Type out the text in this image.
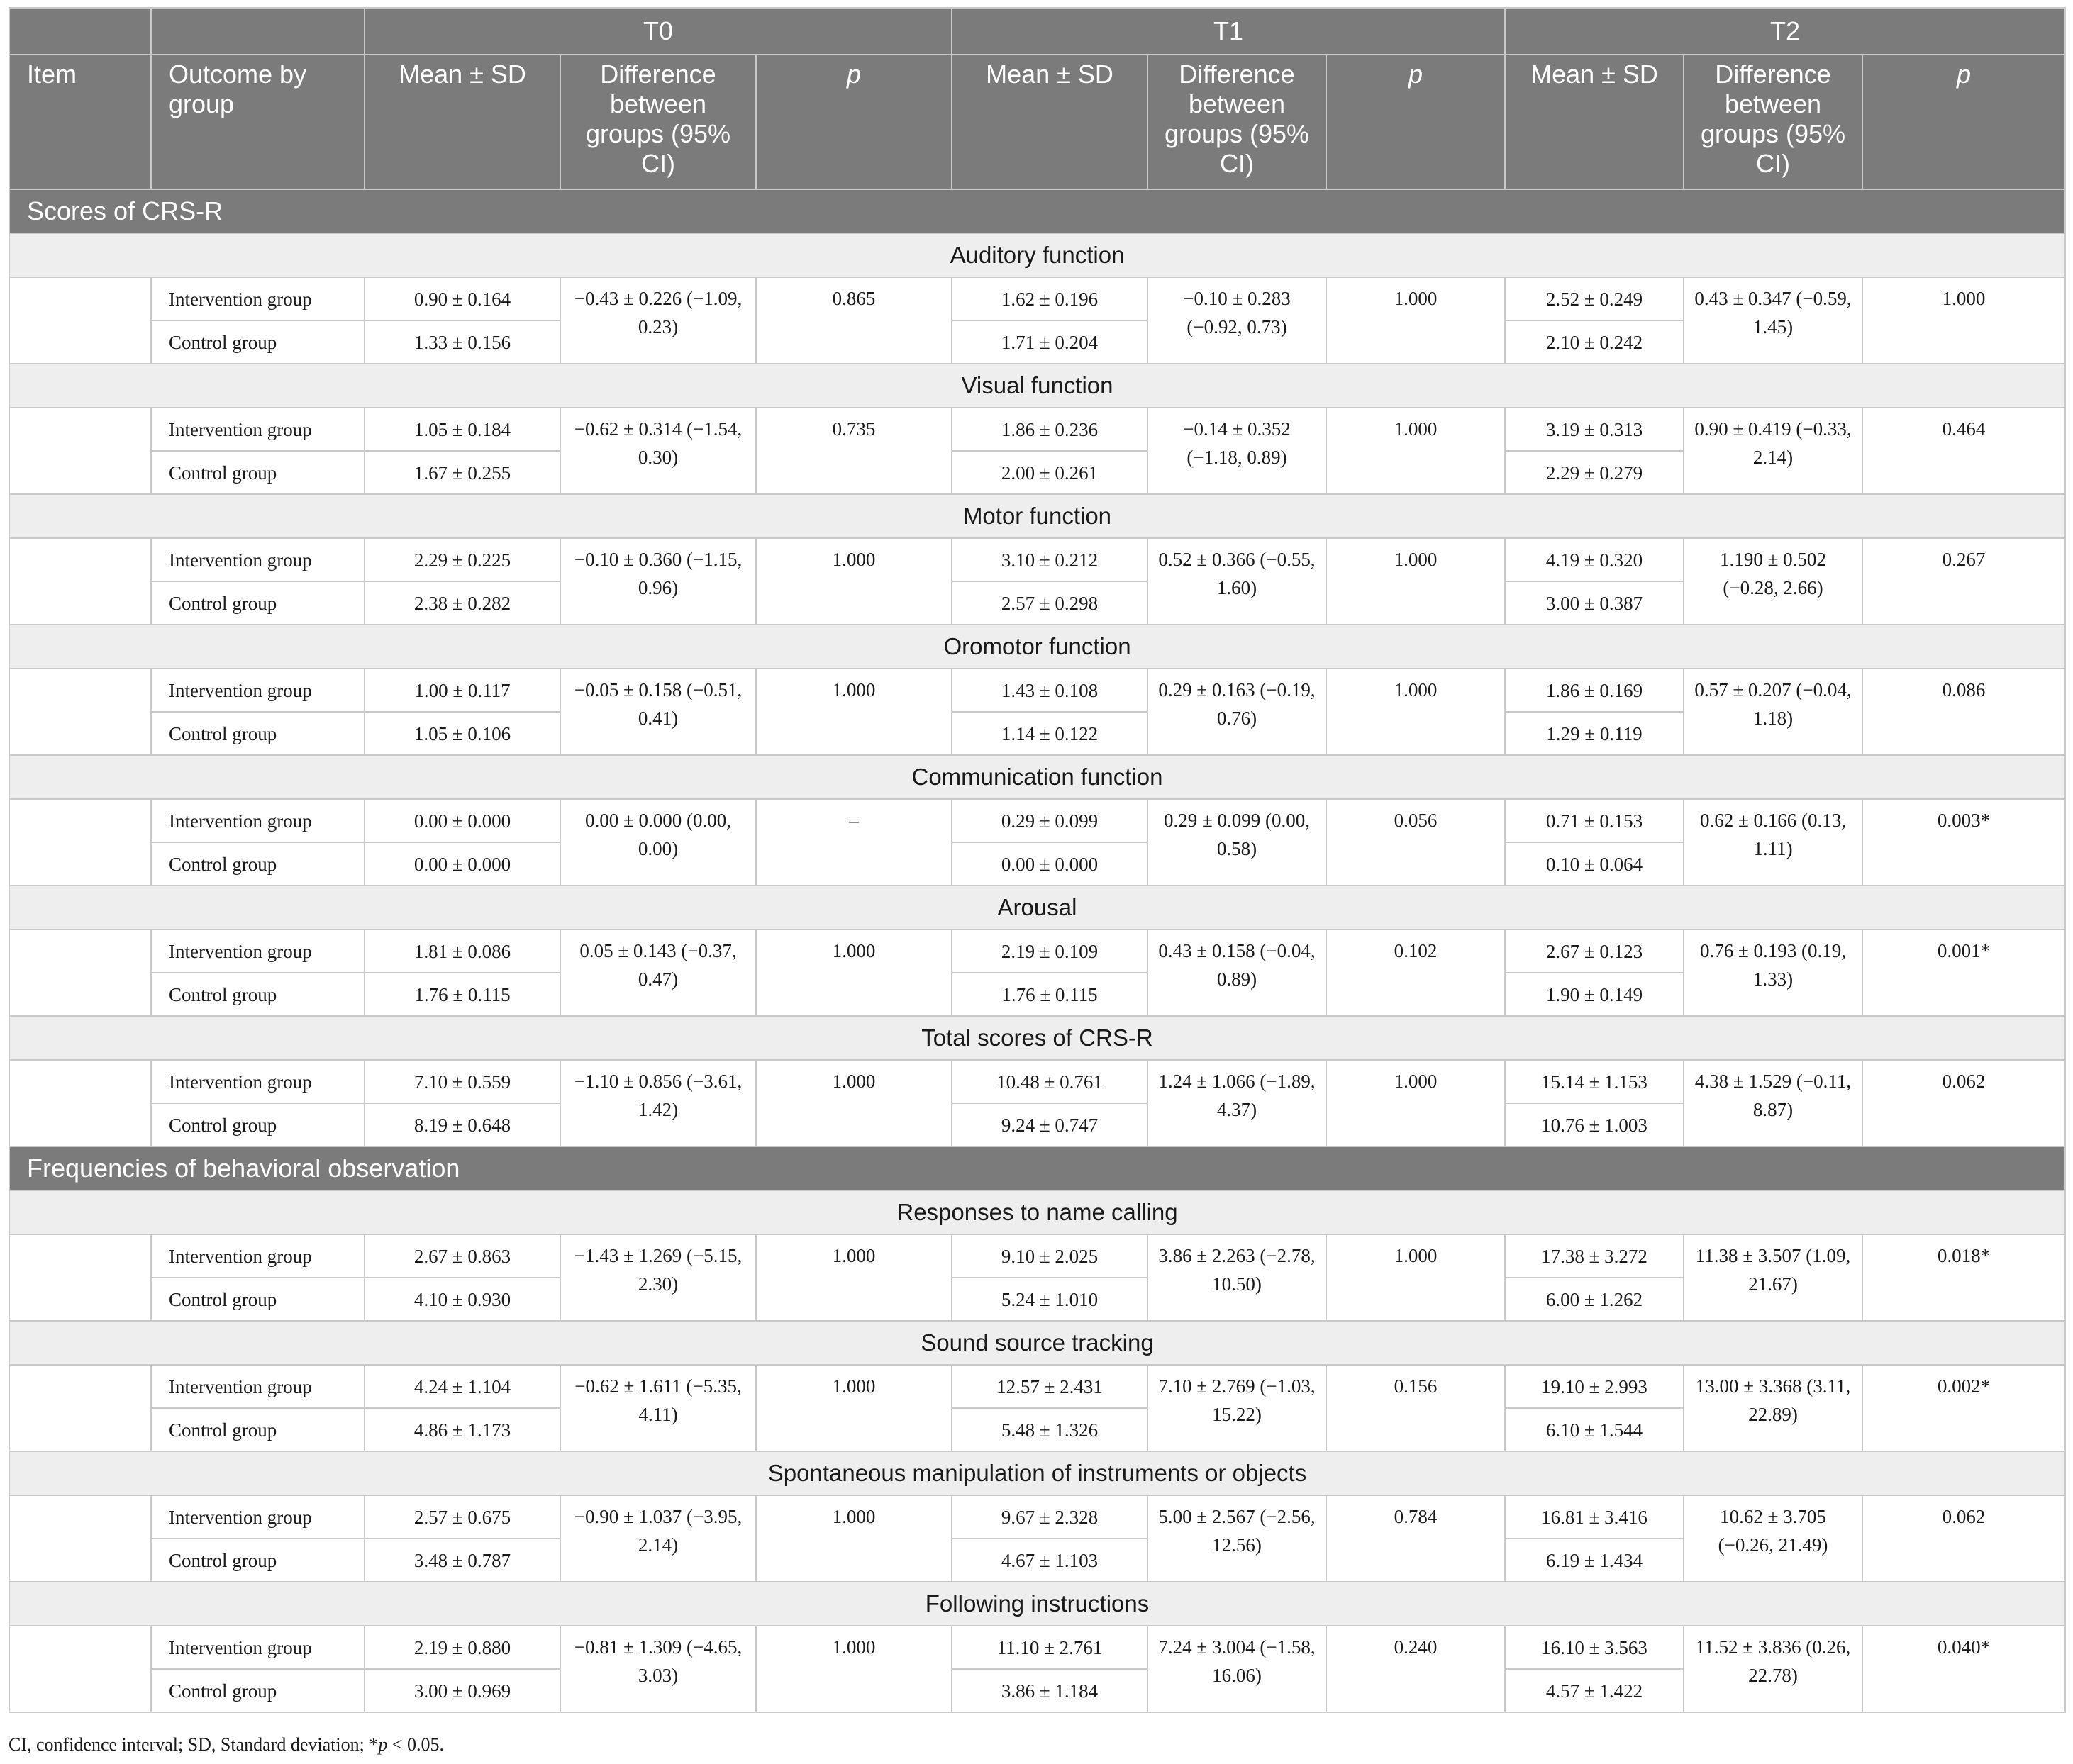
		T0			T1			T2		
Item	Outcome by group	Mean ± SD	Difference between groups (95% CI)	p	Mean ± SD	Difference between groups (95% CI)	p	Mean ± SD	Difference between groups (95% CI)	p
Scores of CRS-R										
Auditory function										
	Intervention group	0.90 ± 0.164	−0.43 ± 0.226 (−1.09, 0.23)	0.865	1.62 ± 0.196	−0.10 ± 0.283 (−0.92, 0.73)	1.000	2.52 ± 0.249	0.43 ± 0.347 (−0.59, 1.45)	1.000
	Control group	1.33 ± 0.156			1.71 ± 0.204			2.10 ± 0.242		
Visual function										
	Intervention group	1.05 ± 0.184	−0.62 ± 0.314 (−1.54, 0.30)	0.735	1.86 ± 0.236	−0.14 ± 0.352 (−1.18, 0.89)	1.000	3.19 ± 0.313	0.90 ± 0.419 (−0.33, 2.14)	0.464
	Control group	1.67 ± 0.255			2.00 ± 0.261			2.29 ± 0.279		
Motor function										
	Intervention group	2.29 ± 0.225	−0.10 ± 0.360 (−1.15, 0.96)	1.000	3.10 ± 0.212	0.52 ± 0.366 (−0.55, 1.60)	1.000	4.19 ± 0.320	1.190 ± 0.502 (−0.28, 2.66)	0.267
	Control group	2.38 ± 0.282			2.57 ± 0.298			3.00 ± 0.387		
Oromotor function										
	Intervention group	1.00 ± 0.117	−0.05 ± 0.158 (−0.51, 0.41)	1.000	1.43 ± 0.108	0.29 ± 0.163 (−0.19, 0.76)	1.000	1.86 ± 0.169	0.57 ± 0.207 (−0.04, 1.18)	0.086
	Control group	1.05 ± 0.106			1.14 ± 0.122			1.29 ± 0.119		
Communication function										
	Intervention group	0.00 ± 0.000	0.00 ± 0.000 (0.00, 0.00)	–	0.29 ± 0.099	0.29 ± 0.099 (0.00, 0.58)	0.056	0.71 ± 0.153	0.62 ± 0.166 (0.13, 1.11)	0.003*
	Control group	0.00 ± 0.000			0.00 ± 0.000			0.10 ± 0.064		
Arousal										
	Intervention group	1.81 ± 0.086	0.05 ± 0.143 (−0.37, 0.47)	1.000	2.19 ± 0.109	0.43 ± 0.158 (−0.04, 0.89)	0.102	2.67 ± 0.123	0.76 ± 0.193 (0.19, 1.33)	0.001*
	Control group	1.76 ± 0.115			1.76 ± 0.115			1.90 ± 0.149		
Total scores of CRS-R										
	Intervention group	7.10 ± 0.559	−1.10 ± 0.856 (−3.61, 1.42)	1.000	10.48 ± 0.761	1.24 ± 1.066 (−1.89, 4.37)	1.000	15.14 ± 1.153	4.38 ± 1.529 (−0.11, 8.87)	0.062
	Control group	8.19 ± 0.648			9.24 ± 0.747			10.76 ± 1.003		
Frequencies of behavioral observation										
Responses to name calling										
	Intervention group	2.67 ± 0.863	−1.43 ± 1.269 (−5.15, 2.30)	1.000	9.10 ± 2.025	3.86 ± 2.263 (−2.78, 10.50)	1.000	17.38 ± 3.272	11.38 ± 3.507 (1.09, 21.67)	0.018*
	Control group	4.10 ± 0.930			5.24 ± 1.010			6.00 ± 1.262		
Sound source tracking										
	Intervention group	4.24 ± 1.104	−0.62 ± 1.611 (−5.35, 4.11)	1.000	12.57 ± 2.431	7.10 ± 2.769 (−1.03, 15.22)	0.156	19.10 ± 2.993	13.00 ± 3.368 (3.11, 22.89)	0.002*
	Control group	4.86 ± 1.173			5.48 ± 1.326			6.10 ± 1.544		
Spontaneous manipulation of instruments or objects										
	Intervention group	2.57 ± 0.675	−0.90 ± 1.037 (−3.95, 2.14)	1.000	9.67 ± 2.328	5.00 ± 2.567 (−2.56, 12.56)	0.784	16.81 ± 3.416	10.62 ± 3.705 (−0.26, 21.49)	0.062
	Control group	3.48 ± 0.787			4.67 ± 1.103			6.19 ± 1.434		
Following instructions										
	Intervention group	2.19 ± 0.880	−0.81 ± 1.309 (−4.65, 3.03)	1.000	11.10 ± 2.761	7.24 ± 3.004 (−1.58, 16.06)	0.240	16.10 ± 3.563	11.52 ± 3.836 (0.26, 22.78)	0.040*
	Control group	3.00 ± 0.969			3.86 ± 1.184			4.57 ± 1.422		
CI, confidence interval; SD, Standard deviation; *p < 0.05.
